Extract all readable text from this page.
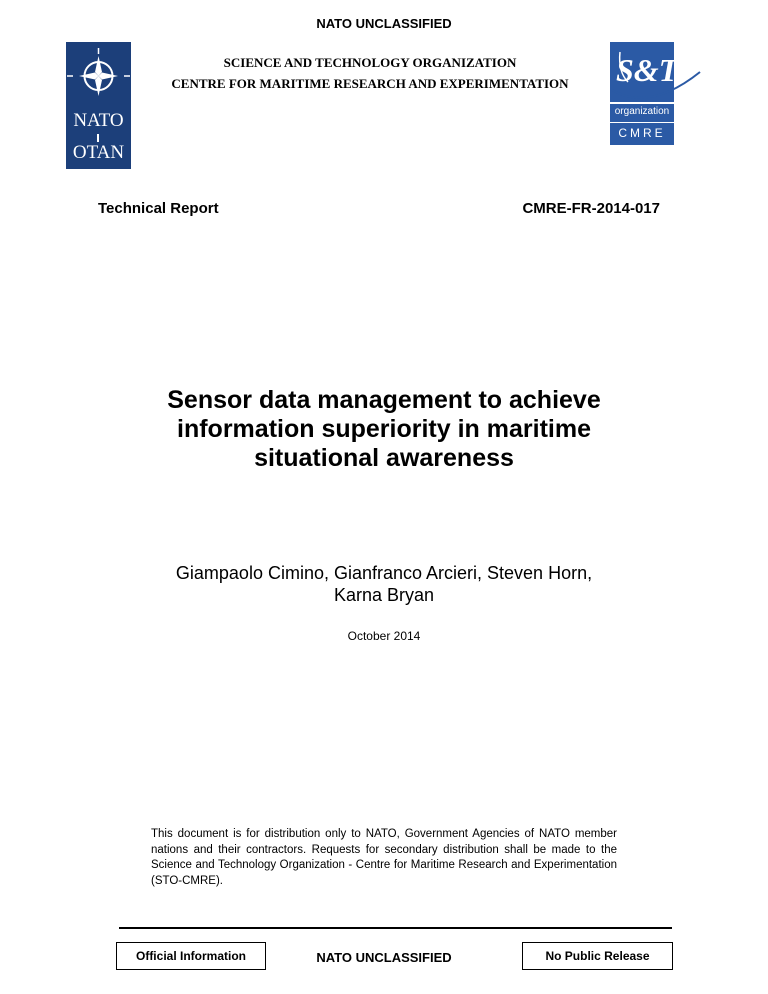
NATO UNCLASSIFIED
NATO
OTAN
SCIENCE AND TECHNOLOGY ORGANIZATION
CENTRE FOR MARITIME RESEARCH AND EXPERIMENTATION	S&T
organization
CMRE
Technical Report	CMRE-FR-2014-017
Sensor data management to achieve
information superiority in maritime
situational awareness
Giampaolo Cimino, Gianfranco Arcieri, Steven Horn,
Karna Bryan
October 2014
This document is for distribution only to NATO, Government Agencies of NATO member nations and their contractors. Requests for secondary distribution shall be made to the Science and Technology Organization - Centre for Maritime Research and Experimentation (STO-CMRE).
Official Information	NATO UNCLASSIFIED	No Public Release
